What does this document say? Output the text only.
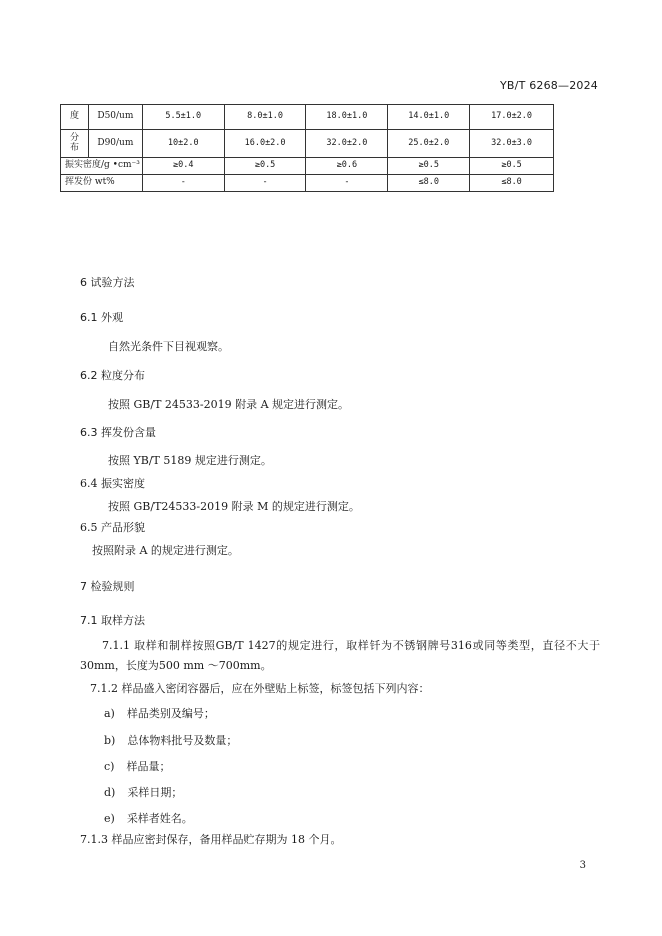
YB/T 6268—2024
度	D50/um	5.5±1.0	8.0±1.0	18.0±1.0	14.0±1.0	17.0±2.0
分
布	D90/um	10±2.0	16.0±2.0	32.0±2.0	25.0±2.0	32.0±3.0
振实密度/g •cm⁻³		≥0.4	≥0.5	≥0.6	≥0.5	≥0.5
挥发份 wt%		-	-	-	≤8.0	≤8.0
6 试验方法
6.1 外观
自然光条件下目视观察。
6.2 粒度分布
按照 GB/T 24533-2019 附录 A 规定进行测定。
6.3 挥发份含量
按照 YB/T 5189 规定进行测定。
6.4 振实密度
按照 GB/T24533-2019 附录 M 的规定进行测定。
6.5 产品形貌
按照附录 A 的规定进行测定。
7 检验规则
7.1 取样方法
7.1.1 取样和制样按照GB/T 1427的规定进行，取样钎为不锈钢牌号316或同等类型，直径不大于30mm，长度为500 mm ～700mm。
7.1.2 样品盛入密闭容器后，应在外壁贴上标签，标签包括下列内容：
a) 样品类别及编号；
b) 总体物料批号及数量；
c) 样品量；
d) 采样日期；
e) 采样者姓名。
7.1.3 样品应密封保存，备用样品贮存期为 18 个月。
3
